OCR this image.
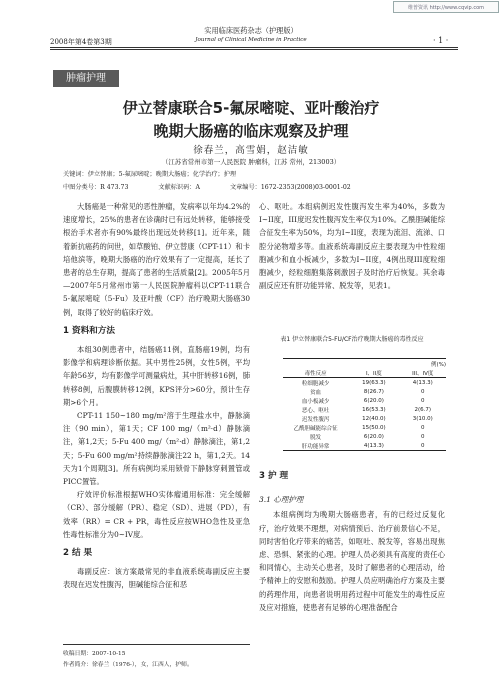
维普资讯 http://www.cqvip.com
2008年第4卷第3期
实用临床医药杂志（护理版）
Journal of Clinical Medicine in Practice	· 1 ·
肿瘤护理
伊立替康联合5-氟尿嘧啶、亚叶酸治疗
晚期大肠癌的临床观察及护理
徐春兰，高雪娟，赵洁敏
（江苏省常州市第一人民医院 肿瘤科，江苏 常州，213003）
关键词：伊立替康；5-氟尿嘧啶；晚期大肠癌；化学治疗；护理
中图分类号：R 473.73	文献标识码：A	文章编号：1672-2353(2008)03-0001-02

大肠癌是一种常见的恶性肿瘤，发病率以年均4.2%的速度增长，25%的患者在诊确时已有远处转移，能够接受根治手术者亦有90%最终出现远处转移[1]。近年来，随着新抗癌药的问世，如草酸铂、伊立替康（CPT-11）和卡培他滨等，晚期大肠癌的治疗效果有了一定提高，延长了患者的总生存期，提高了患者的生活质量[2]。2005年5月—2007年5月常州市第一人民医院肿瘤科以CPT-11联合5-氟尿嘧啶（5-Fu）及亚叶酸（CF）治疗晚期大肠癌30例，取得了较好的临床疗效。

1 资料和方法

本组30例患者中，结肠癌11例，直肠癌19例，均有影像学和病理诊断依据。其中男性25例，女性5例，平均年龄56岁，均有影像学可测量病灶，其中肝转移16例，肺转移8例，后腹膜转移12例，KPS评分>60分，预计生存期>6个月。

CPT-11 150~180 mg/m²溶于生理盐水中，静脉滴注（90 min），第1天；CF 100 mg/（m²·d）静脉滴注，第1,2天；5-Fu 400 mg/（m²·d）静脉滴注，第1,2天；5-Fu 600 mg/m²持续静脉滴注22 h，第1,2天。14天为1个周期[3]。所有病例均采用锁骨下静脉穿刺置管或PICC置管。

疗效评价标准根据WHO实体瘤通用标准：完全缓解（CR）、部分缓解（PR）、稳定（SD）、进展（PD），有效率（RR）= CR + PR，毒性反应按WHO急性及亚急性毒性标准分为0~IV度。

2 结 果

毒副反应：该方案最常见的非血液系统毒副反应主要表现在迟发性腹泻，胆碱能综合征和恶

心、呕吐。本组病例迟发性腹泻发生率为40%，多数为I~II度，III度迟发性腹泻发生率仅为10%。乙酰胆碱能综合征发生率为50%，均为I~II度，表现为流泪、流涕、口腔分泌物增多等。血液系统毒副反应主要表现为中性粒细胞减少和血小板减少，多数为I~II度，4例出现III度粒细胞减少，经粒细胞集落刺激因子及时治疗后恢复。其余毒副反应还有肝功能异常、脱发等，见表1。

表1 伊立替康联合5-FU/CF治疗晚期大肠癌的毒性反应
	例(%)	
毒性反应	I、II度	III、IV度
粒细胞减少	19(63.3)	4(13.3)
贫血	8(26.7)	0
血小板减少	6(20.0)	0
恶心、呕吐	16(53.3)	2(6.7)
迟发性腹泻	12(40.0)	3(10.0)
乙酰胆碱能综合征	15(50.0)	0
脱发	6(20.0)	0
肝功能异常	4(13.3)	0
3 护 理
3.1 心理护理

本组病例均为晚期大肠癌患者，有的已经过反复化疗，治疗效果不理想，对病情预后、治疗前景信心不足，同时害怕化疗带来的痛苦，如呕吐、脱发等，容易出现焦虑、恐惧、紧张的心理。护理人员必须具有高度的责任心和同情心，主动关心患者，及时了解患者的心理活动，给予精神上的安慰和鼓励。护理人员应明确治疗方案及主要的药理作用，向患者说明用药过程中可能发生的毒性反应及应对措施，使患者有足够的心理准备配合

收稿日期：2007-10-15
作者简介：徐春兰（1976-），女，江西人，护师。
